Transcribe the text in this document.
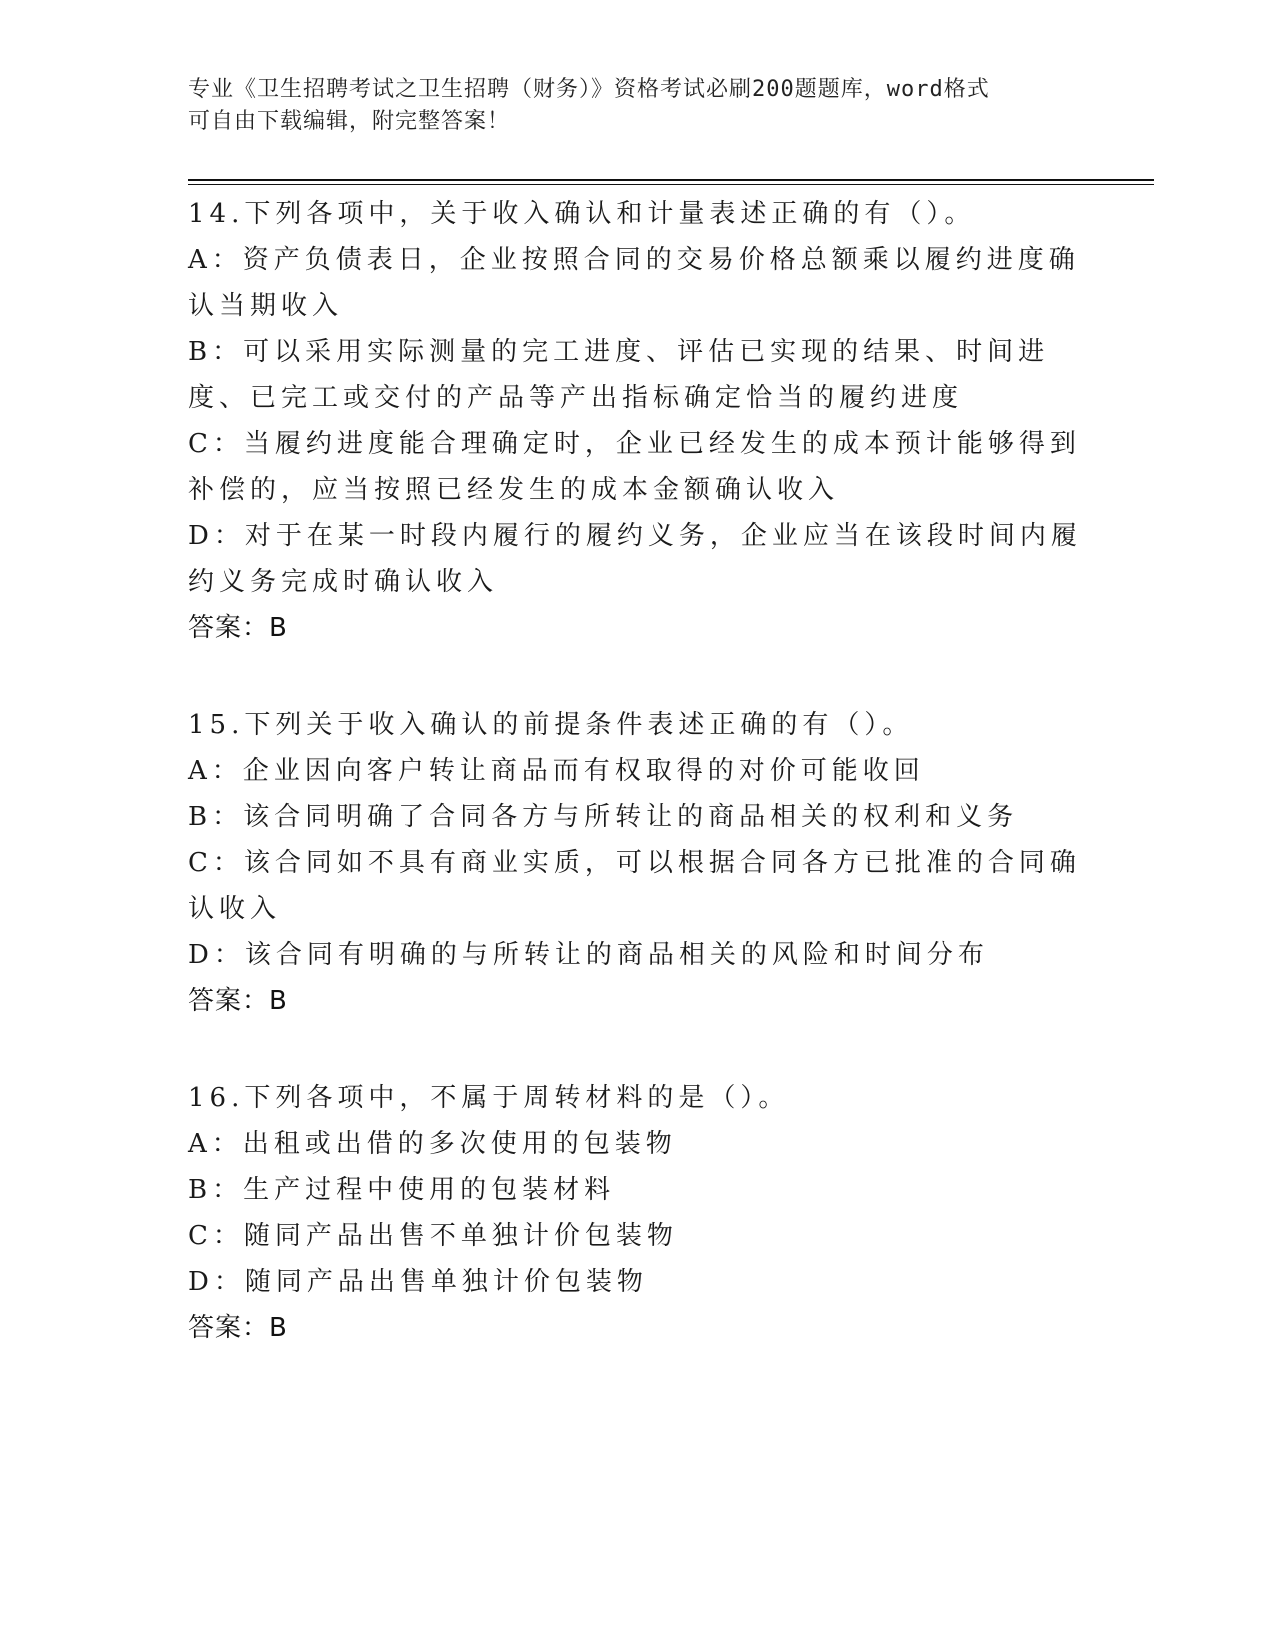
专业《卫生招聘考试之卫生招聘（财务）》资格考试必刷200题题库，word格式
可自由下载编辑，附完整答案！
14.下列各项中，关于收入确认和计量表述正确的有（）。
A：资产负债表日，企业按照合同的交易价格总额乘以履约进度确认当期收入
B：可以采用实际测量的完工进度、评估已实现的结果、时间进度、已完工或交付的产品等产出指标确定恰当的履约进度
C：当履约进度能合理确定时，企业已经发生的成本预计能够得到补偿的，应当按照已经发生的成本金额确认收入
D：对于在某一时段内履行的履约义务，企业应当在该段时间内履约义务完成时确认收入
答案：B
15.下列关于收入确认的前提条件表述正确的有（）。
A：企业因向客户转让商品而有权取得的对价可能收回
B：该合同明确了合同各方与所转让的商品相关的权利和义务
C：该合同如不具有商业实质，可以根据合同各方已批准的合同确认收入
D：该合同有明确的与所转让的商品相关的风险和时间分布
答案：B
16.下列各项中，不属于周转材料的是（）。
A：出租或出借的多次使用的包装物
B：生产过程中使用的包装材料
C：随同产品出售不单独计价包装物
D：随同产品出售单独计价包装物
答案：B
